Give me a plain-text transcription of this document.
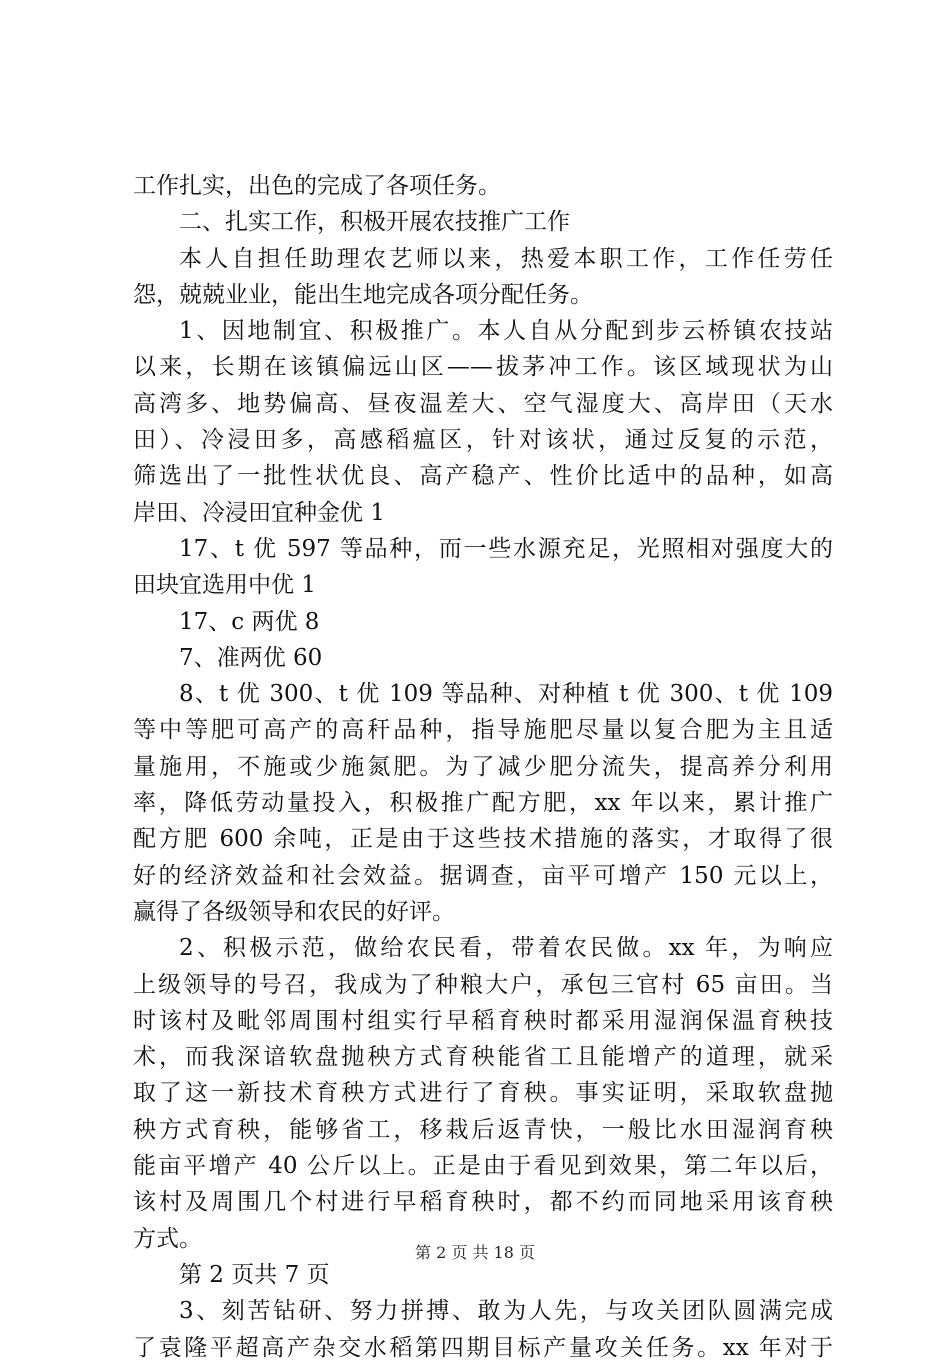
工作扎实，出色的完成了各项任务。
二、扎实工作，积极开展农技推广工作
本人自担任助理农艺师以来，热爱本职工作，工作任劳任
怨，兢兢业业，能出生地完成各项分配任务。
1、因地制宜、积极推广。本人自从分配到步云桥镇农技站
以来，长期在该镇偏远山区——拔茅冲工作。该区域现状为山
高湾多、地势偏高、昼夜温差大、空气湿度大、高岸田（天水
田）、冷浸田多，高感稻瘟区，针对该状，通过反复的示范，
筛选出了一批性状优良、高产稳产、性价比适中的品种，如高
岸田、冷浸田宜种金优 1
17、t 优 597 等品种，而一些水源充足，光照相对强度大的
田块宜选用中优 1
17、c 两优 8
7、准两优 60
8、t 优 300、t 优 109 等品种、对种植 t 优 300、t 优 109
等中等肥可高产的高秆品种，指导施肥尽量以复合肥为主且适
量施用，不施或少施氮肥。为了减少肥分流失，提高养分利用
率，降低劳动量投入，积极推广配方肥，xx 年以来，累计推广
配方肥 600 余吨，正是由于这些技术措施的落实，才取得了很
好的经济效益和社会效益。据调查，亩平可增产 150 元以上，
赢得了各级领导和农民的好评。
2、积极示范，做给农民看，带着农民做。xx 年，为响应
上级领导的号召，我成为了种粮大户，承包三官村 65 亩田。当
时该村及毗邻周围村组实行早稻育秧时都采用湿润保温育秧技
术，而我深谙软盘抛秧方式育秧能省工且能增产的道理，就采
取了这一新技术育秧方式进行了育秧。事实证明，采取软盘抛
秧方式育秧，能够省工，移栽后返青快，一般比水田湿润育秧
能亩平增产 40 公斤以上。正是由于看见到效果，第二年以后，
该村及周围几个村进行早稻育秧时，都不约而同地采用该育秧
方式。
第 2 页共 7 页
3、刻苦钻研、努力拼搏、敢为人先，与攻关团队圆满完成
了袁隆平超高产杂交水稻第四期目标产量攻关任务。xx 年对于
第 2 页 共 18 页
